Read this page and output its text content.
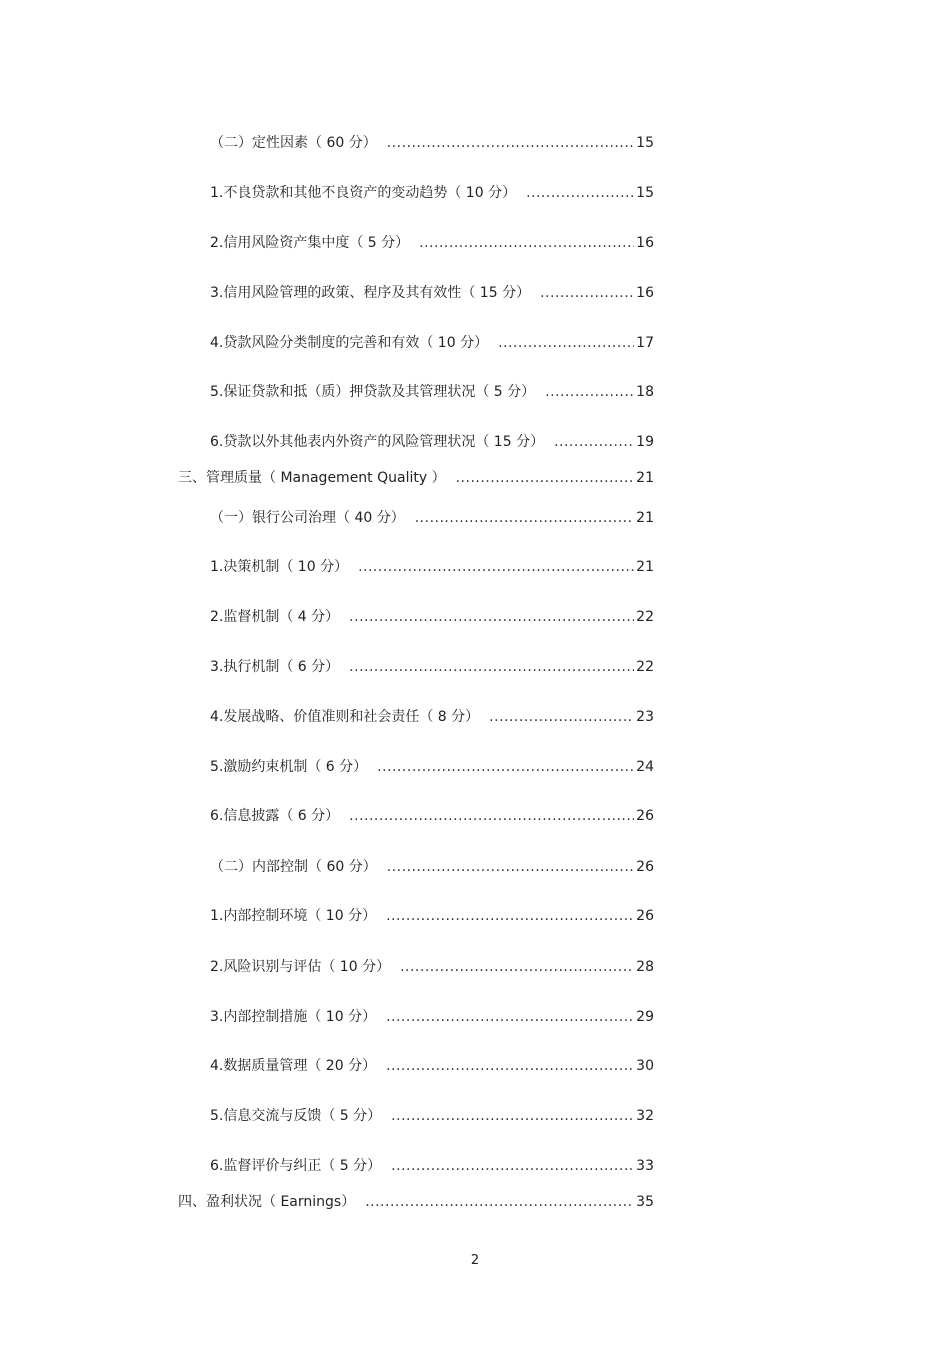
（二）定性因素（ 60 分） .....	15
1.不良贷款和其他不良资产的变动趋势（ 10 分） .....	15
2.信用风险资产集中度（ 5 分） .....	16
3.信用风险管理的政策、程序及其有效性（ 15 分） .....	16
4.贷款风险分类制度的完善和有效（ 10 分） .....	17
5.保证贷款和抵（质）押贷款及其管理状况（ 5 分） .....	18
6.贷款以外其他表内外资产的风险管理状况（ 15 分） .....	19
三、管理质量（ Management Quality ） .....	21
（一）银行公司治理（ 40 分） .....	21
1.决策机制（ 10 分） .....	21
2.监督机制（ 4 分） .....	22
3.执行机制（ 6 分） .....	22
4.发展战略、价值准则和社会责任（ 8 分） .....	23
5.激励约束机制（ 6 分） .....	24
6.信息披露（ 6 分） .....	26
（二）内部控制（ 60 分） .....	26
1.内部控制环境（ 10 分） .....	26
2.风险识别与评估（ 10 分） .....	28
3.内部控制措施（ 10 分） .....	29
4.数据质量管理（ 20 分） .....	30
5.信息交流与反馈（ 5 分） .....	32
6.监督评价与纠正（ 5 分） .....	33
四、盈利状况（ Earnings） .....	35
2
